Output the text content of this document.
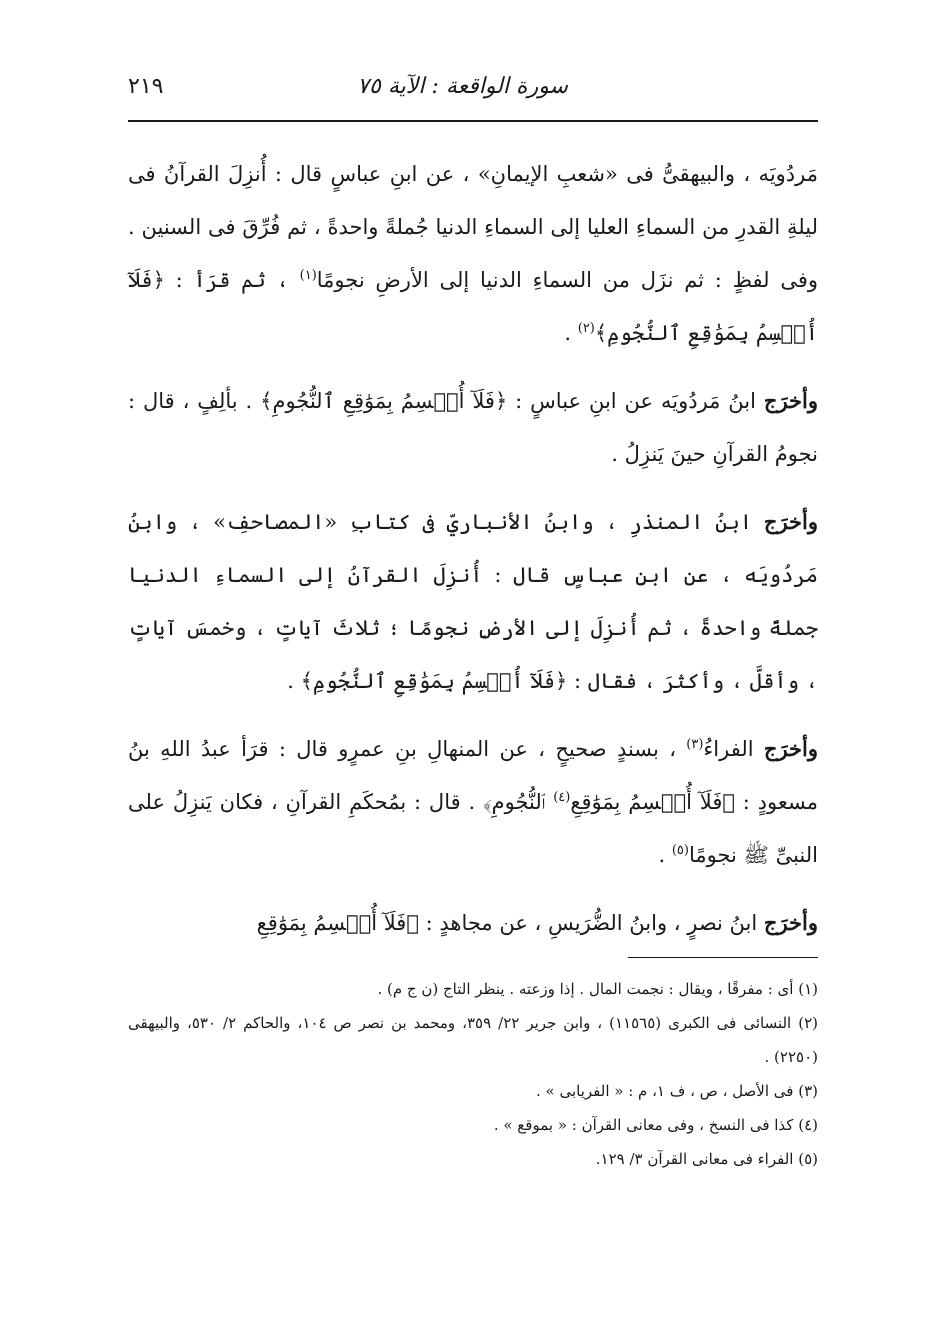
سورة الواقعة : الآية ٧٥
٢١٩

مَردُويَه ، والبيهقىُّ فى «شعبِ الإيمانِ» ، عن ابنِ عباسٍ قال : أُنزِلَ القرآنُ فى ليلةِ القدرِ من السماءِ العليا إلى السماءِ الدنيا جُملةً واحدةً ، ثم فُرِّقَ فى السنين . وفى لفظٍ : ثم نزَل من السماءِ الدنيا إلى الأرضِ نجومًا$^{(١)}$ ، ثم قرَأ : ﴿فَلَآ أُقۡسِمُ بِمَوَٰقِعِ ٱلنُّجُومِ﴾$^{(٢)}$ .

وأخرَج ابنُ مَردُويَه عن ابنِ عباسٍ : ﴿فَلَآ أُقۡسِمُ بِمَوَٰقِعِ ٱلنُّجُومِ﴾ . بألِفٍ ، قال : نجومُ القرآنِ حينَ يَنزِلُ .

وأخرَج ابنُ المنذرِ ، وابنُ الأنباريِّ فى كتابِ «المصاحفِ» ، وابنُ مَردُويَه ، عن ابنِ عباسٍ قال : أُنزِلَ القرآنُ إلى السماءِ الدنيا جملةً واحدةً ، ثم أُنزِلَ إلى الأرضِ نجومًا ؛ ثلاثَ آياتٍ ، وخمسَ آياتٍ ، وأقلَّ ، وأكثرَ ، فقال : ﴿فَلَآ أُقۡسِمُ بِمَوَٰقِعِ ٱلنُّجُومِ﴾ .

وأخرَج الفراءُ$^{(٣)}$ ، بسندٍ صحيحٍ ، عن المنهالِ بنِ عمرٍو قال : قرَأ عبدُ اللهِ بنُ مسعودٍ : ﴿فَلَآ أُقۡسِمُ بِمَوَٰقِعِ$^{(٤)}$ ٱلنُّجُومِ﴾ . قال : بمُحكَمِ القرآنِ ، فكان يَنزِلُ على النبىِّ ﷺ نجومًا$^{(٥)}$ .

وأخرَج ابنُ نصرٍ ، وابنُ الضُّرَيسِ ، عن مجاهدٍ : ﴿فَلَآ أُقۡسِمُ بِمَوَٰقِعِ

(١) أى : مفرقًا ، ويقال : نجمت المال . إذا وزعته . ينظر التاج (ن ج م) .

(٢) النسائى فى الكبرى (١١٥٦٥) ، وابن جرير ٢٢/ ٣٥٩، ومحمد بن نصر ص ١٠٤، والحاكم ٢/ ٥٣٠، والبيهقى (٢٢٥٠) .

(٣) فى الأصل ، ص ، ف ١، م : « الفريابى » .

(٤) كذا فى النسخ ، وفى معانى القرآن : « بموقع » .

(٥) الفراء فى معانى القرآن ٣/ ١٢٩.
